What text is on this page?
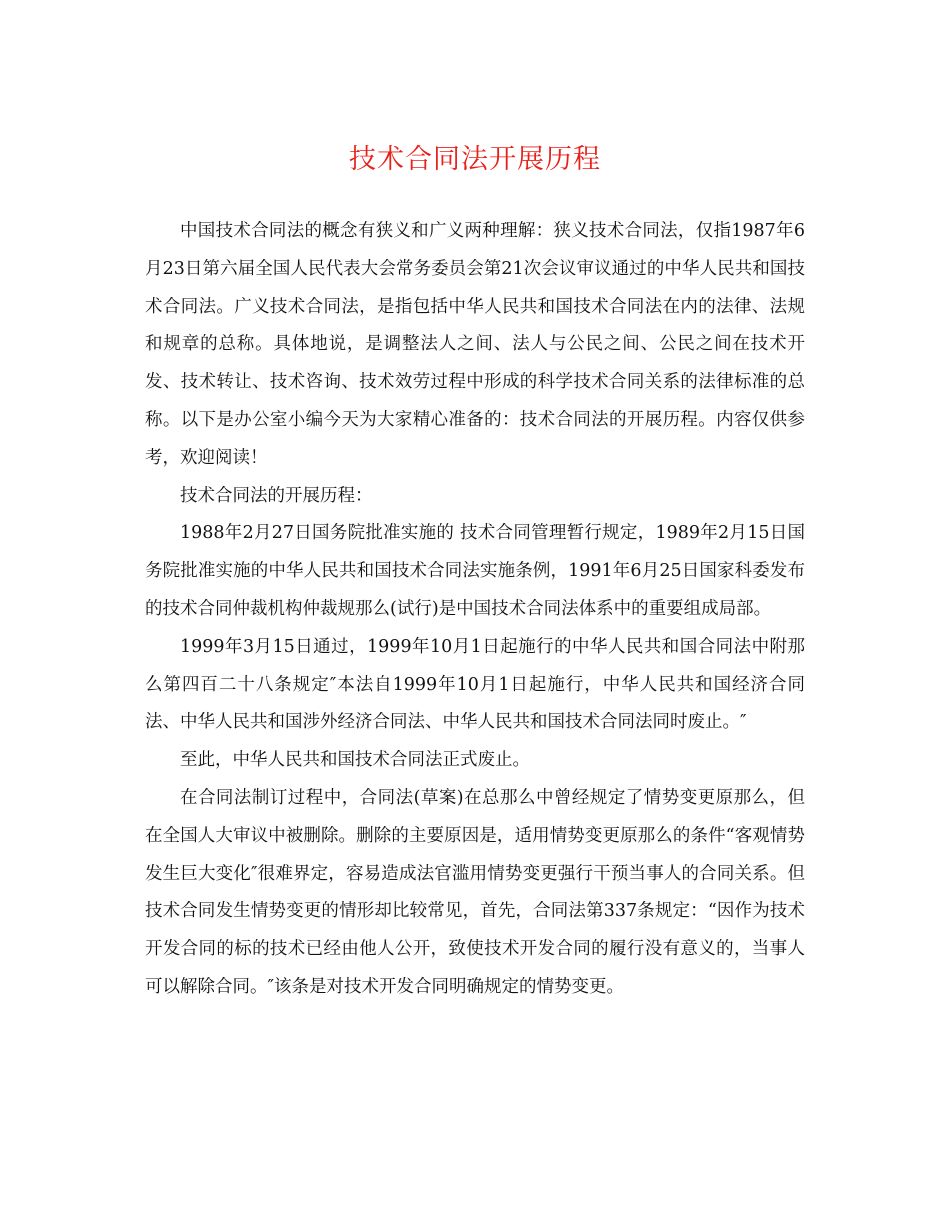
技术合同法开展历程

中国技术合同法的概念有狭义和广义两种理解：狭义技术合同法，仅指1987年6月23日第六届全国人民代表大会常务委员会第21次会议审议通过的中华人民共和国技术合同法。广义技术合同法，是指包括中华人民共和国技术合同法在内的法律、法规和规章的总称。具体地说，是调整法人之间、法人与公民之间、公民之间在技术开发、技术转让、技术咨询、技术效劳过程中形成的科学技术合同关系的法律标准的总称。以下是办公室小编今天为大家精心准备的：技术合同法的开展历程。内容仅供参考，欢迎阅读！

技术合同法的开展历程：

1988年2月27日国务院批准实施的 技术合同管理暂行规定，1989年2月15日国务院批准实施的中华人民共和国技术合同法实施条例，1991年6月25日国家科委发布的技术合同仲裁机构仲裁规那么(试行)是中国技术合同法体系中的重要组成局部。

1999年3月15日通过，1999年10月1日起施行的中华人民共和国合同法中附那么第四百二十八条规定″本法自1999年10月1日起施行，中华人民共和国经济合同法、中华人民共和国涉外经济合同法、中华人民共和国技术合同法同时废止。″

至此，中华人民共和国技术合同法正式废止。

在合同法制订过程中，合同法(草案)在总那么中曾经规定了情势变更原那么，但在全国人大审议中被删除。删除的主要原因是，适用情势变更原那么的条件“客观情势发生巨大变化″很难界定，容易造成法官滥用情势变更强行干预当事人的合同关系。但技术合同发生情势变更的情形却比较常见，首先，合同法第337条规定：“因作为技术开发合同的标的技术已经由他人公开，致使技术开发合同的履行没有意义的，当事人可以解除合同。″该条是对技术开发合同明确规定的情势变更。
